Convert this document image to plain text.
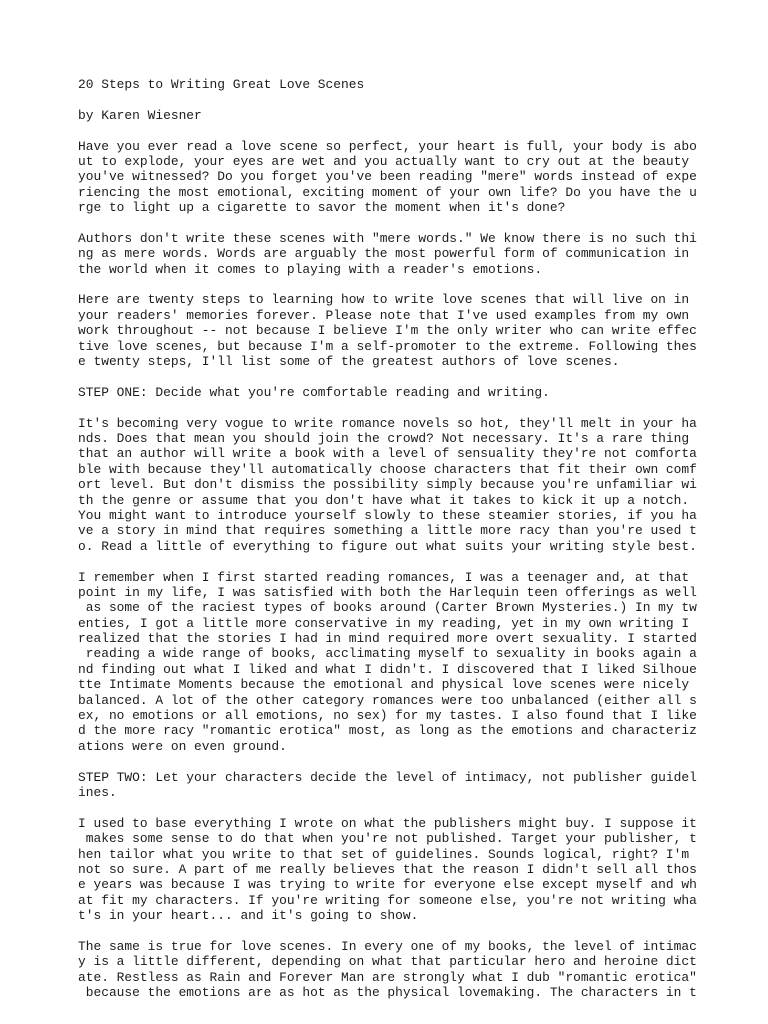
20 Steps to Writing Great Love Scenes
by Karen Wiesner
Have you ever read a love scene so perfect, your heart is full, your body is abo
ut to explode, your eyes are wet and you actually want to cry out at the beauty
you've witnessed? Do you forget you've been reading "mere" words instead of expe
riencing the most emotional, exciting moment of your own life? Do you have the u
rge to light up a cigarette to savor the moment when it's done?
Authors don't write these scenes with "mere words." We know there is no such thi
ng as mere words. Words are arguably the most powerful form of communication in
the world when it comes to playing with a reader's emotions.
Here are twenty steps to learning how to write love scenes that will live on in
your readers' memories forever. Please note that I've used examples from my own
work throughout -- not because I believe I'm the only writer who can write effec
tive love scenes, but because I'm a self-promoter to the extreme. Following thes
e twenty steps, I'll list some of the greatest authors of love scenes.
STEP ONE: Decide what you're comfortable reading and writing.
It's becoming very vogue to write romance novels so hot, they'll melt in your ha
nds. Does that mean you should join the crowd? Not necessary. It's a rare thing
that an author will write a book with a level of sensuality they're not comforta
ble with because they'll automatically choose characters that fit their own comf
ort level. But don't dismiss the possibility simply because you're unfamiliar wi
th the genre or assume that you don't have what it takes to kick it up a notch.
You might want to introduce yourself slowly to these steamier stories, if you ha
ve a story in mind that requires something a little more racy than you're used t
o. Read a little of everything to figure out what suits your writing style best.
I remember when I first started reading romances, I was a teenager and, at that
point in my life, I was satisfied with both the Harlequin teen offerings as well
as some of the raciest types of books around (Carter Brown Mysteries.) In my tw
enties, I got a little more conservative in my reading, yet in my own writing I
realized that the stories I had in mind required more overt sexuality. I started
reading a wide range of books, acclimating myself to sexuality in books again a
nd finding out what I liked and what I didn't. I discovered that I liked Silhoue
tte Intimate Moments because the emotional and physical love scenes were nicely
balanced. A lot of the other category romances were too unbalanced (either all s
ex, no emotions or all emotions, no sex) for my tastes. I also found that I like
d the more racy "romantic erotica" most, as long as the emotions and characteriz
ations were on even ground.
STEP TWO: Let your characters decide the level of intimacy, not publisher guidel
ines.
I used to base everything I wrote on what the publishers might buy. I suppose it
makes some sense to do that when you're not published. Target your publisher, t
hen tailor what you write to that set of guidelines. Sounds logical, right? I'm
not so sure. A part of me really believes that the reason I didn't sell all thos
e years was because I was trying to write for everyone else except myself and wh
at fit my characters. If you're writing for someone else, you're not writing wha
t's in your heart... and it's going to show.
The same is true for love scenes. In every one of my books, the level of intimac
y is a little different, depending on what that particular hero and heroine dict
ate. Restless as Rain and Forever Man are strongly what I dub "romantic erotica"
because the emotions are as hot as the physical lovemaking. The characters in t
